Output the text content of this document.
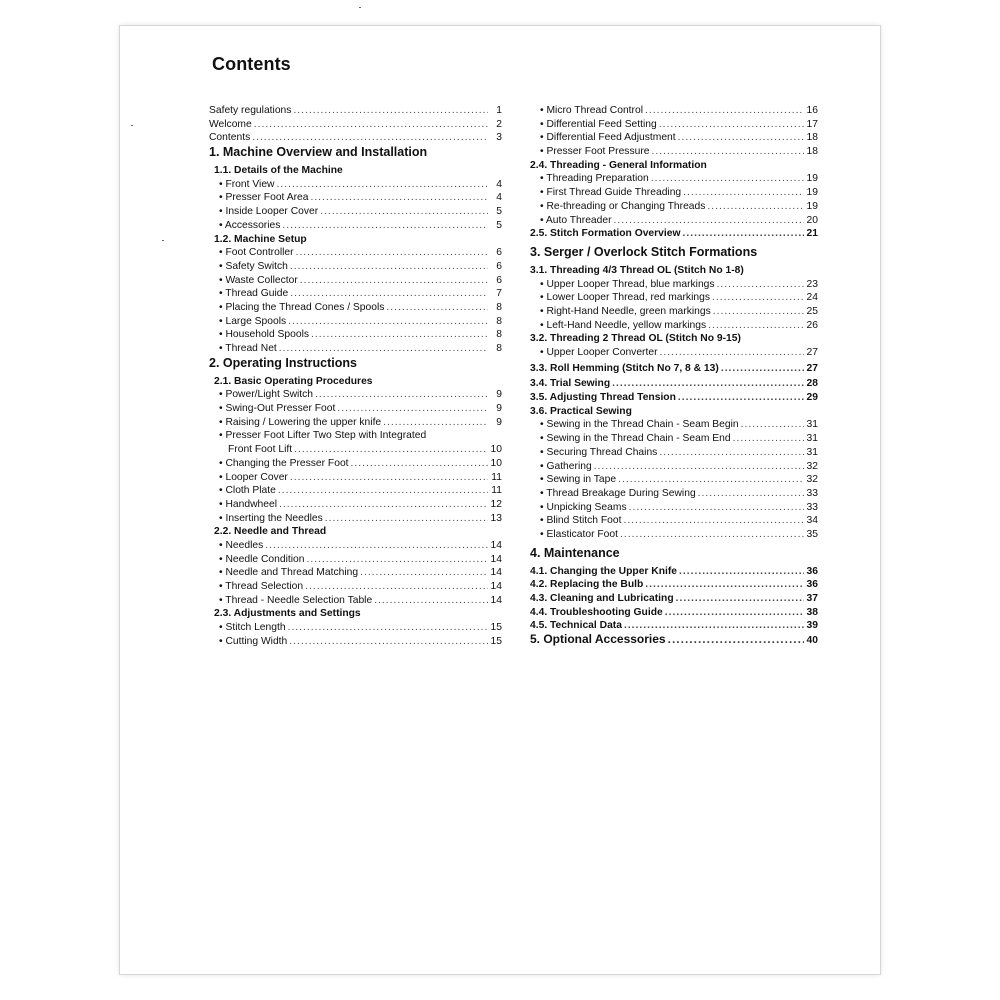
Contents
Safety regulations .....	1
Welcome .....	2
Contents .....	3
1. Machine Overview and Installation
1.1. Details of the Machine
• Front View .....	4
• Presser Foot Area .....	4
• Inside Looper Cover .....	5
• Accessories .....	5
1.2. Machine Setup
• Foot Controller .....	6
• Safety Switch .....	6
• Waste Collector .....	6
• Thread Guide .....	7
• Placing the Thread Cones / Spools .....	8
• Large Spools .....	8
• Household Spools .....	8
• Thread Net .....	8
2. Operating Instructions
2.1. Basic Operating Procedures
• Power/Light Switch .....	9
• Swing-Out Presser Foot .....	9
• Raising / Lowering the upper knife .....	9
• Presser Foot Lifter Two Step with Integrated
Front Foot Lift .....	10
• Changing the Presser Foot .....	10
• Looper Cover .....	11
• Cloth Plate .....	11
• Handwheel .....	12
• Inserting the Needles .....	13
2.2. Needle and Thread
• Needles .....	14
• Needle Condition .....	14
• Needle and Thread Matching .....	14
• Thread Selection .....	14
• Thread - Needle Selection Table .....	14
2.3. Adjustments and Settings
• Stitch Length .....	15
• Cutting Width .....	15
• Micro Thread Control .....	16
• Differential Feed Setting .....	17
• Differential Feed Adjustment .....	18
• Presser Foot Pressure .....	18
2.4. Threading - General Information
• Threading Preparation .....	19
• First Thread Guide Threading .....	19
• Re-threading or Changing Threads .....	19
• Auto Threader .....	20
2.5. Stitch Formation Overview .....	21
3. Serger / Overlock Stitch Formations
3.1. Threading 4/3 Thread OL (Stitch No 1-8)
• Upper Looper Thread, blue markings .....	23
• Lower Looper Thread, red markings .....	24
• Right-Hand Needle, green markings .....	25
• Left-Hand Needle, yellow markings .....	26
3.2. Threading 2 Thread OL (Stitch No 9-15)
• Upper Looper Converter .....	27
3.3. Roll Hemming (Stitch No 7, 8 & 13) .....	27
3.4. Trial Sewing .....	28
3.5. Adjusting Thread Tension .....	29
3.6. Practical Sewing
• Sewing in the Thread Chain - Seam Begin .....	31
• Sewing in the Thread Chain - Seam End .....	31
• Securing Thread Chains .....	31
• Gathering .....	32
• Sewing in Tape .....	32
• Thread Breakage During Sewing .....	33
• Unpicking Seams .....	33
• Blind Stitch Foot .....	34
• Elasticator Foot .....	35
4. Maintenance
4.1. Changing the Upper Knife .....	36
4.2. Replacing the Bulb .....	36
4.3. Cleaning and Lubricating .....	37
4.4. Troubleshooting Guide .....	38
4.5. Technical Data .....	39
5. Optional Accessories .....	40
